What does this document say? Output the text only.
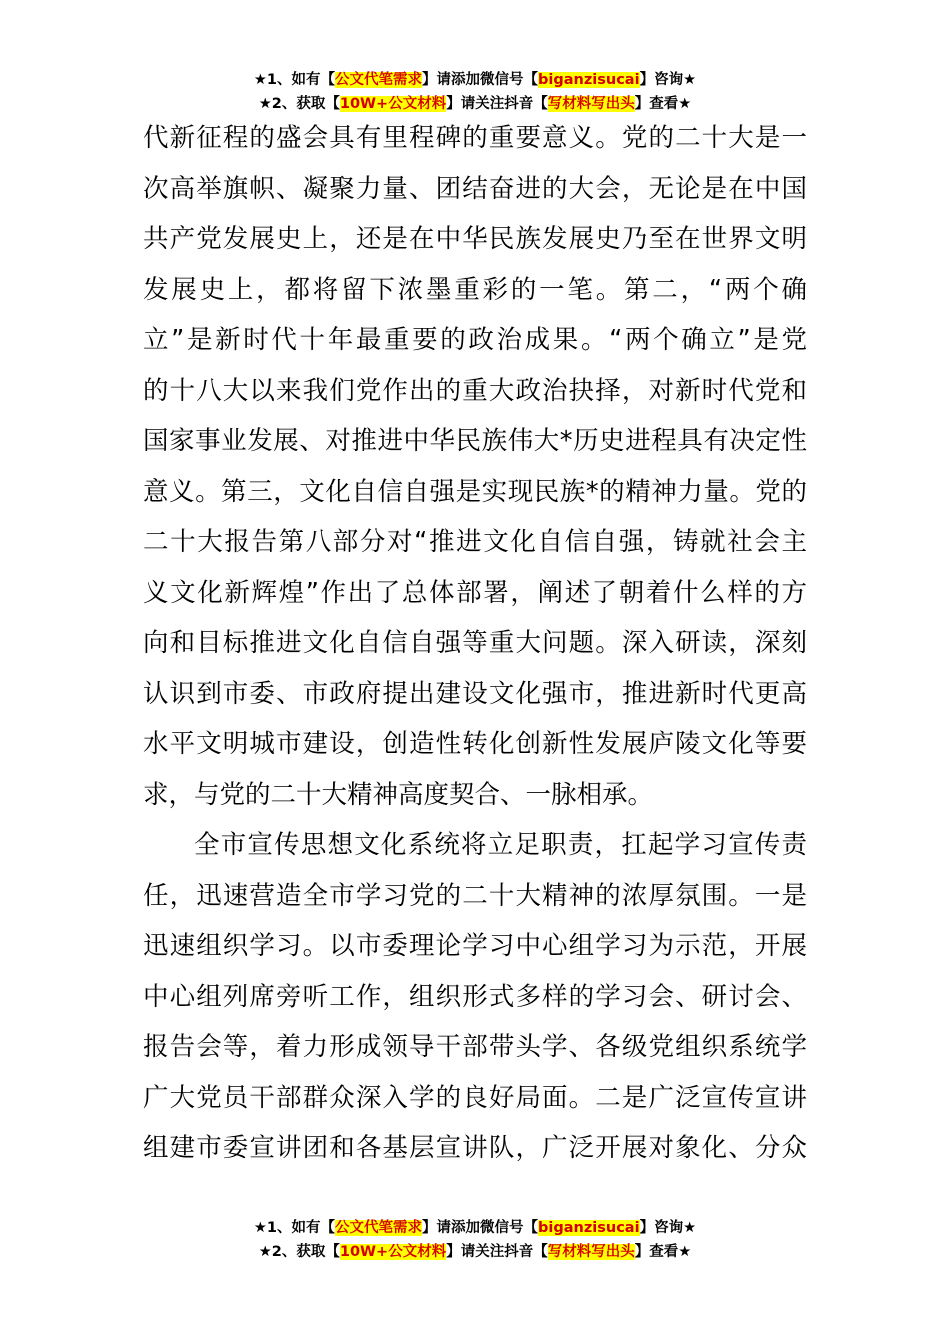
★1、如有【公文代笔需求】请添加微信号【biganzisucai】咨询★
★2、获取【10W+公文材料】请关注抖音【写材料写出头】查看★
代新征程的盛会具有里程碑的重要意义。党的二十大是一
次高举旗帜、凝聚力量、团结奋进的大会，无论是在中国
共产党发展史上，还是在中华民族发展史乃至在世界文明
发展史上，都将留下浓墨重彩的一笔。第二，“两个确
立”是新时代十年最重要的政治成果。“两个确立”是党
的十八大以来我们党作出的重大政治抉择，对新时代党和
国家事业发展、对推进中华民族伟大*历史进程具有决定性
意义。第三，文化自信自强是实现民族*的精神力量。党的
二十大报告第八部分对“推进文化自信自强，铸就社会主
义文化新辉煌”作出了总体部署，阐述了朝着什么样的方
向和目标推进文化自信自强等重大问题。深入研读，深刻
认识到市委、市政府提出建设文化强市，推进新时代更高
水平文明城市建设，创造性转化创新性发展庐陵文化等要
求，与党的二十大精神高度契合、一脉相承。
全市宣传思想文化系统将立足职责，扛起学习宣传责
任，迅速营造全市学习党的二十大精神的浓厚氛围。一是
迅速组织学习。以市委理论学习中心组学习为示范，开展
中心组列席旁听工作，组织形式多样的学习会、研讨会、
报告会等，着力形成领导干部带头学、各级党组织系统学
广大党员干部群众深入学的良好局面。二是广泛宣传宣讲
组建市委宣讲团和各基层宣讲队，广泛开展对象化、分众
★1、如有【公文代笔需求】请添加微信号【biganzisucai】咨询★
★2、获取【10W+公文材料】请关注抖音【写材料写出头】查看★
